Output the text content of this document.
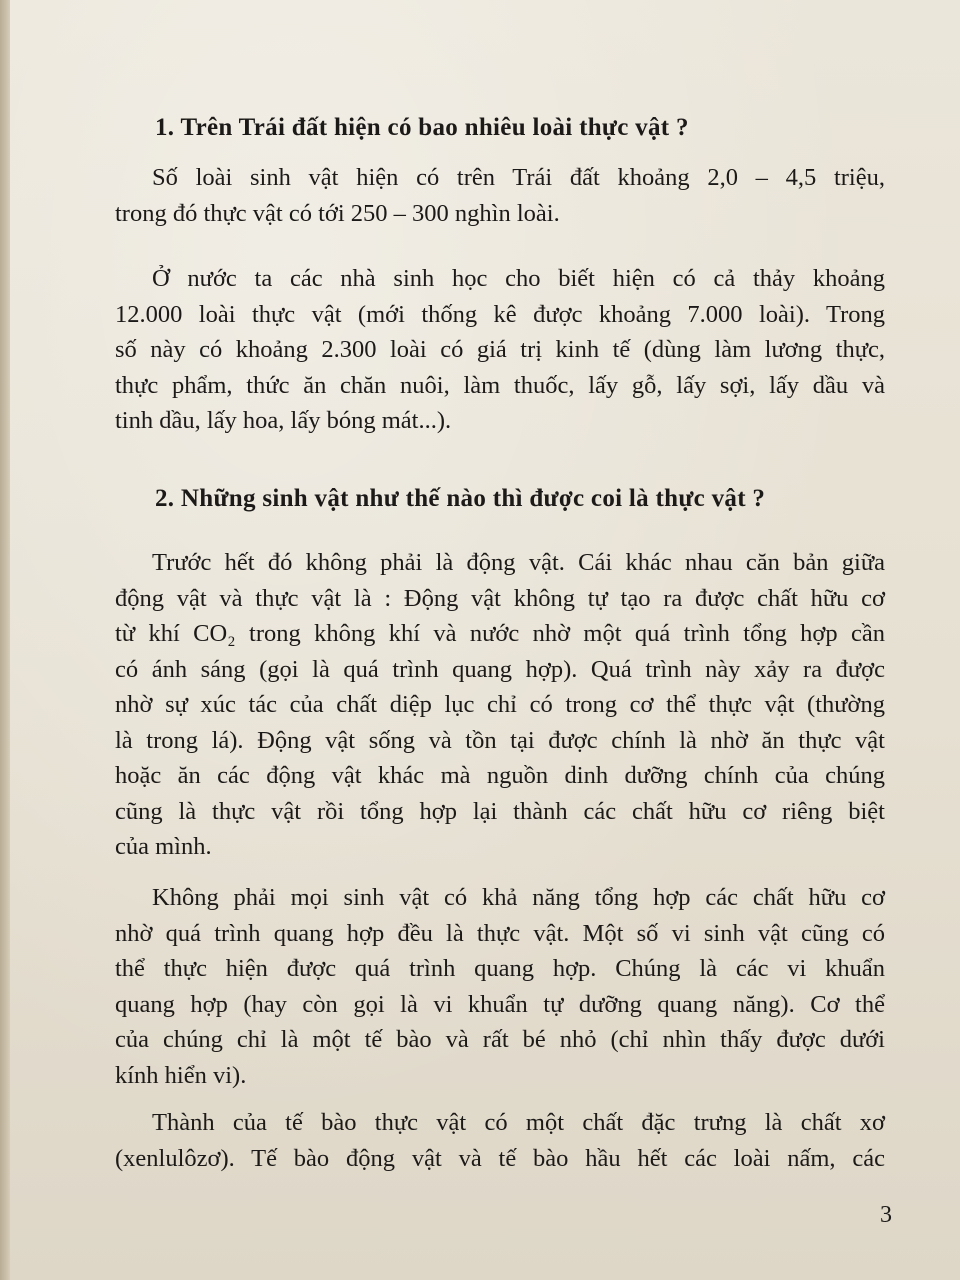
1. Trên Trái đất hiện có bao nhiêu loài thực vật ?

Số loài sinh vật hiện có trên Trái đất khoảng 2,0 – 4,5 triệu,
trong đó thực vật có tới 250 – 300 nghìn loài.

Ở nước ta các nhà sinh học cho biết hiện có cả thảy khoảng
12.000 loài thực vật (mới thống kê được khoảng 7.000 loài). Trong
số này có khoảng 2.300 loài có giá trị kinh tế (dùng làm lương thực,
thực phẩm, thức ăn chăn nuôi, làm thuốc, lấy gỗ, lấy sợi, lấy dầu và
tinh dầu, lấy hoa, lấy bóng mát...).

2. Những sinh vật như thế nào thì được coi là thực vật ?

Trước hết đó không phải là động vật. Cái khác nhau căn bản giữa
động vật và thực vật là : Động vật không tự tạo ra được chất hữu cơ
từ khí CO₂ trong không khí và nước nhờ một quá trình tổng hợp cần
có ánh sáng (gọi là quá trình quang hợp). Quá trình này xảy ra được
nhờ sự xúc tác của chất diệp lục chỉ có trong cơ thể thực vật (thường
là trong lá). Động vật sống và tồn tại được chính là nhờ ăn thực vật
hoặc ăn các động vật khác mà nguồn dinh dưỡng chính của chúng
cũng là thực vật rồi tổng hợp lại thành các chất hữu cơ riêng biệt
của mình.

Không phải mọi sinh vật có khả năng tổng hợp các chất hữu cơ
nhờ quá trình quang hợp đều là thực vật. Một số vi sinh vật cũng có
thể thực hiện được quá trình quang hợp. Chúng là các vi khuẩn
quang hợp (hay còn gọi là vi khuẩn tự dưỡng quang năng). Cơ thể
của chúng chỉ là một tế bào và rất bé nhỏ (chỉ nhìn thấy được dưới
kính hiển vi).

Thành của tế bào thực vật có một chất đặc trưng là chất xơ
(xenlulôzơ). Tế bào động vật và tế bào hầu hết các loài nấm, các

3
